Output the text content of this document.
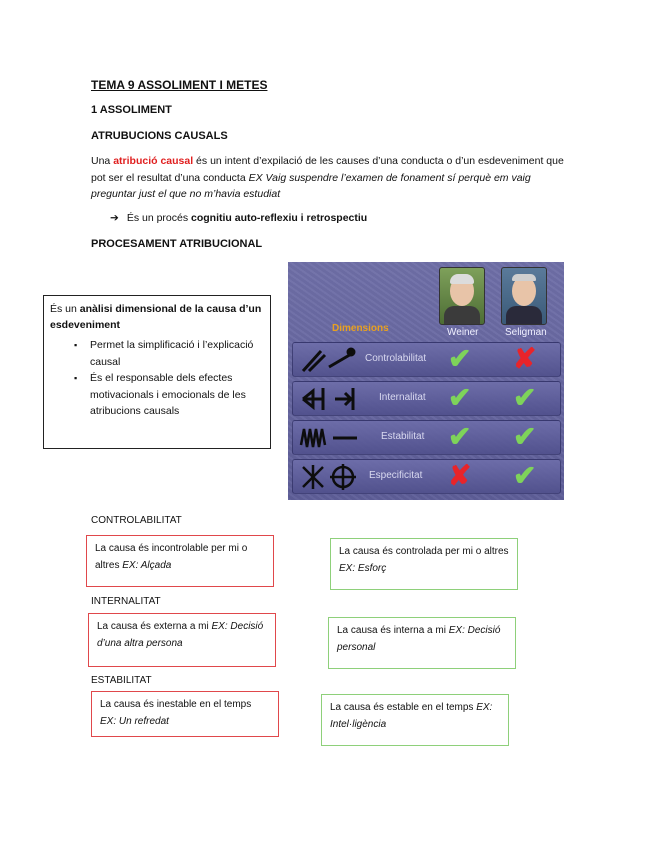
TEMA 9 ASSOLIMENT I METES
1 ASSOLIMENT
ATRUBUCIONS CAUSALS
Una atribució causal és un intent d’expilació de les causes d’una conducta o d’un esdeveniment que pot ser el resultat d’una conducta EX Vaig suspendre l’examen de fonament sí perquè em vaig preguntar just el que no m’havia estudiat
➔ És un procés cognitiu auto-reflexiu i retrospectiu
PROCESAMENT ATRIBUCIONAL
És un anàlisi dimensional de la causa d’un esdeveniment
▪ Permet la simplificació i l’explicació causal
▪ És el responsable dels efectes motivacionals i emocionals de les atribucions causals
Dimensions	Weiner	Seligman
Controlabilitat ✔ ✘
Internalitat ✔ ✔
Estabilitat ✔ ✔
Especificitat ✘ ✔
CONTROLABILITAT
La causa és incontrolable per mi o altres EX: Alçada
La causa és controlada per mi o altres EX: Esforç
INTERNALITAT
La causa és externa a mi EX: Decisió d’una altra persona
La causa és interna a mi EX: Decisió personal
ESTABILITAT
La causa és inestable en el temps EX: Un refredat
La causa és estable en el temps EX: Intel·ligència
